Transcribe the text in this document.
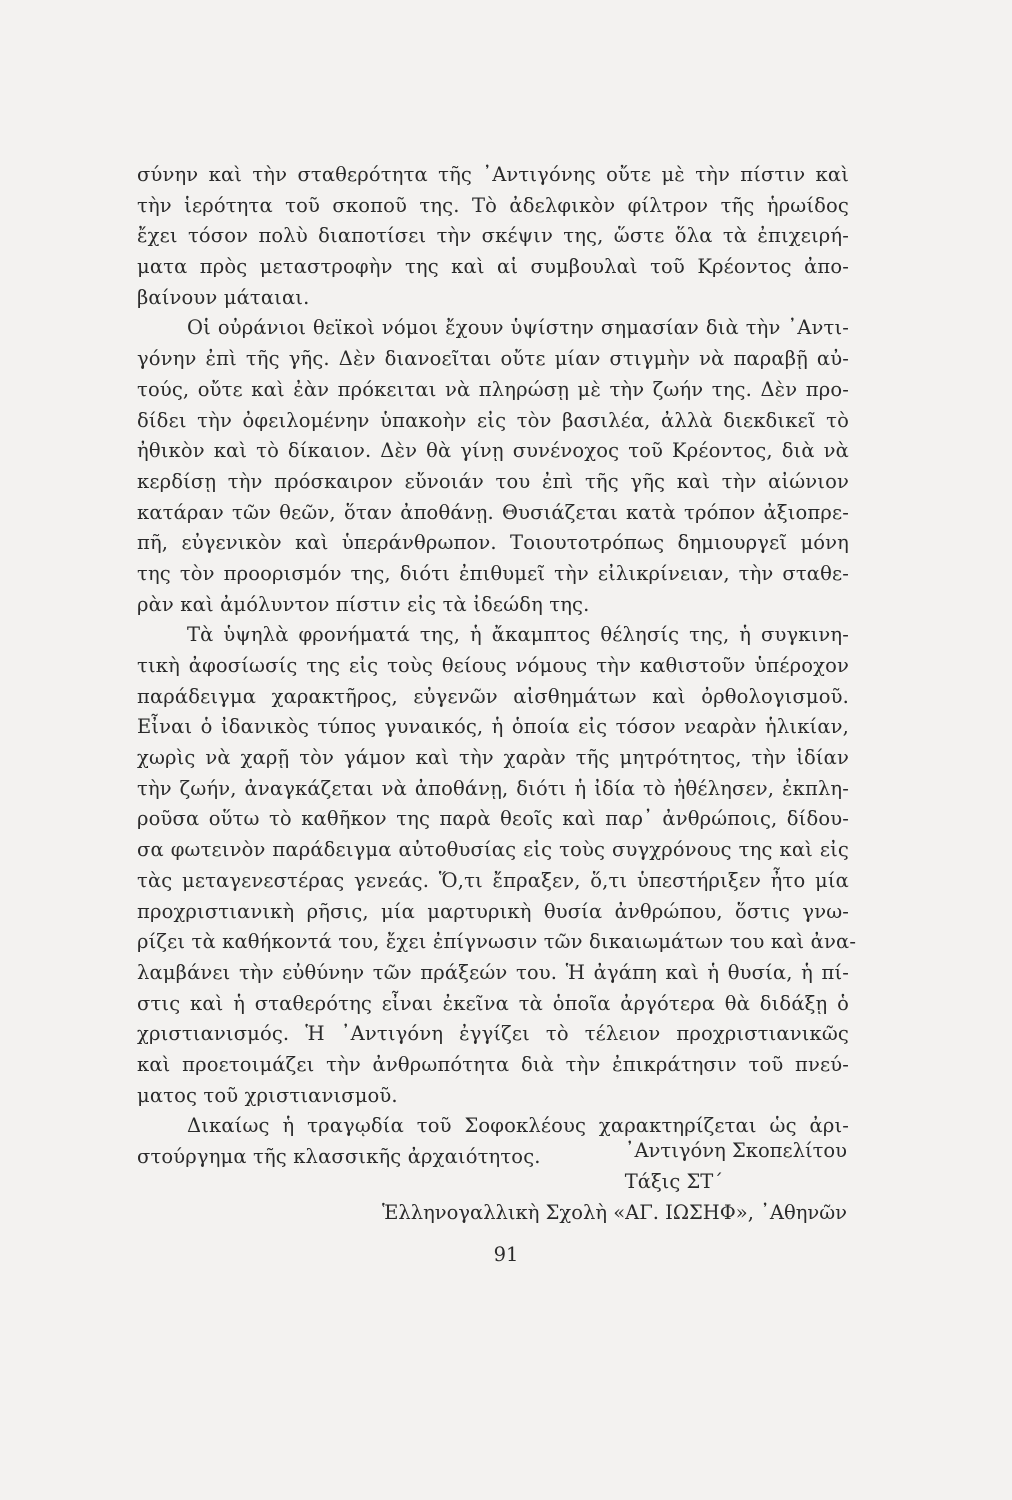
σύνην καὶ τὴν σταθερότητα τῆς ᾿Αντιγόνης οὔτε μὲ τὴν πίστιν καὶ
τὴν ἱερότητα τοῦ σκοποῦ της. Τὸ ἀδελφικὸν φίλτρον τῆς ἡρωίδος
ἔχει τόσον πολὺ διαποτίσει τὴν σκέψιν της, ὥστε ὅλα τὰ ἐπιχειρή-
ματα πρὸς μεταστροφὴν της καὶ αἱ συμβουλαὶ τοῦ Κρέοντος ἀπο-
βαίνουν μάταιαι.
Οἱ οὐράνιοι θεϊκοὶ νόμοι ἔχουν ὑψίστην σημασίαν διὰ τὴν ᾿Αντι-
γόνην ἐπὶ τῆς γῆς. Δὲν διανοεῖται οὔτε μίαν στιγμὴν νὰ παραβῇ αὐ-
τούς, οὔτε καὶ ἐὰν πρόκειται νὰ πληρώσῃ μὲ τὴν ζωήν της. Δὲν προ-
δίδει τὴν ὀφειλομένην ὑπακοὴν εἰς τὸν βασιλέα, ἀλλὰ διεκδικεῖ τὸ
ἠθικὸν καὶ τὸ δίκαιον. Δὲν θὰ γίνῃ συνένοχος τοῦ Κρέοντος, διὰ νὰ
κερδίσῃ τὴν πρόσκαιρον εὔνοιάν του ἐπὶ τῆς γῆς καὶ τὴν αἰώνιον
κατάραν τῶν θεῶν, ὅταν ἀποθάνῃ. Θυσιάζεται κατὰ τρόπον ἀξιοπρε-
πῆ, εὐγενικὸν καὶ ὑπεράνθρωπον. Τοιουτοτρόπως δημιουργεῖ μόνη
της τὸν προορισμόν της, διότι ἐπιθυμεῖ τὴν εἰλικρίνειαν, τὴν σταθε-
ρὰν καὶ ἀμόλυντον πίστιν εἰς τὰ ἰδεώδη της.
Τὰ ὑψηλὰ φρονήματά της, ἡ ἄκαμπτος θέλησίς της, ἡ συγκινη-
τικὴ ἀφοσίωσίς της εἰς τοὺς θείους νόμους τὴν καθιστοῦν ὑπέροχον
παράδειγμα χαρακτῆρος, εὐγενῶν αἰσθημάτων καὶ ὀρθολογισμοῦ.
Εἶναι ὁ ἰδανικὸς τύπος γυναικός, ἡ ὁποία εἰς τόσον νεαρὰν ἡλικίαν,
χωρὶς νὰ χαρῇ τὸν γάμον καὶ τὴν χαρὰν τῆς μητρότητος, τὴν ἰδίαν
τὴν ζωήν, ἀναγκάζεται νὰ ἀποθάνῃ, διότι ἡ ἰδία τὸ ἠθέλησεν, ἐκπλη-
ροῦσα οὕτω τὸ καθῆκον της παρὰ θεοῖς καὶ παρ᾿ ἀνθρώποις, δίδου-
σα φωτεινὸν παράδειγμα αὐτοθυσίας εἰς τοὺς συγχρόνους της καὶ εἰς
τὰς μεταγενεστέρας γενεάς. Ὅ,τι ἔπραξεν, ὅ,τι ὑπεστήριξεν ἦτο μία
προχριστιανικὴ ρῆσις, μία μαρτυρικὴ θυσία ἀνθρώπου, ὅστις γνω-
ρίζει τὰ καθήκοντά του, ἔχει ἐπίγνωσιν τῶν δικαιωμάτων του καὶ ἀνα-
λαμβάνει τὴν εὐθύνην τῶν πράξεών του. Ἡ ἀγάπη καὶ ἡ θυσία, ἡ πί-
στις καὶ ἡ σταθερότης εἶναι ἐκεῖνα τὰ ὁποῖα ἀργότερα θὰ διδάξῃ ὁ
χριστιανισμός. Ἡ ᾿Αντιγόνη ἐγγίζει τὸ τέλειον προχριστιανικῶς
καὶ προετοιμάζει τὴν ἀνθρωπότητα διὰ τὴν ἐπικράτησιν τοῦ πνεύ-
ματος τοῦ χριστιανισμοῦ.
Δικαίως ἡ τραγῳδία τοῦ Σοφοκλέους χαρακτηρίζεται ὡς ἀρι-
στούργημα τῆς κλασσικῆς ἀρχαιότητος.	᾿Αντιγόνη Σκοπελίτου
Τάξις ΣΤ΄
Ἑλληνογαλλικὴ Σχολὴ «ΑΓ. ΙΩΣΗΦ», ᾿Αθηνῶν
91
